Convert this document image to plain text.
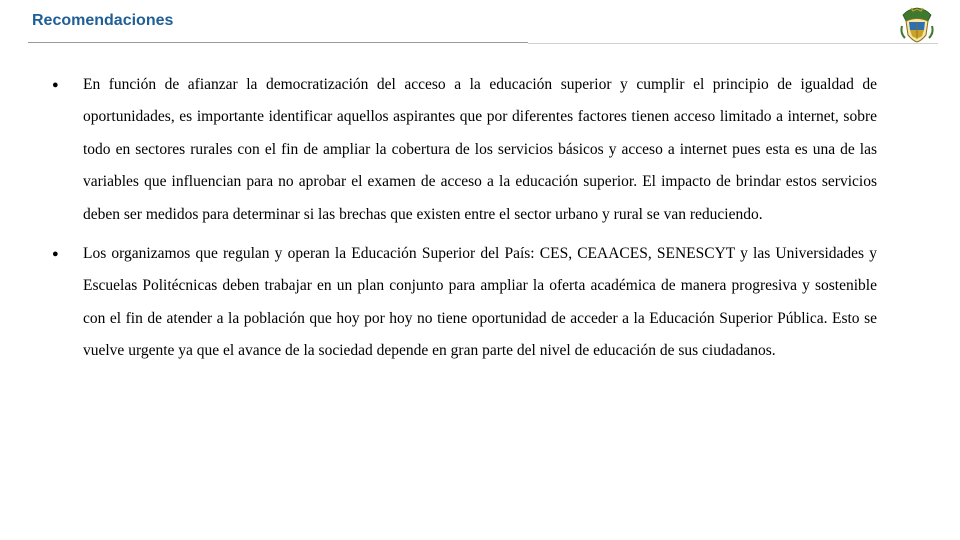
Recomendaciones
● En función de afianzar la democratización del acceso a la educación superior y cumplir el principio de igualdad de oportunidades, es importante identificar aquellos aspirantes que por diferentes factores tienen acceso limitado a internet, sobre todo en sectores rurales con el fin de ampliar la cobertura de los servicios básicos y acceso a internet pues esta es una de las variables que influencian para no aprobar el examen de acceso a la educación superior. El impacto de brindar estos servicios deben ser medidos para determinar si las brechas que existen entre el sector urbano y rural se van reduciendo.
● Los organizamos que regulan y operan la Educación Superior del País: CES, CEAACES, SENESCYT y las Universidades y Escuelas Politécnicas deben trabajar en un plan conjunto para ampliar la oferta académica de manera progresiva y sostenible con el fin de atender a la población que hoy por hoy no tiene oportunidad de acceder a la Educación Superior Pública. Esto se vuelve urgente ya que el avance de la sociedad depende en gran parte del nivel de educación de sus ciudadanos.
